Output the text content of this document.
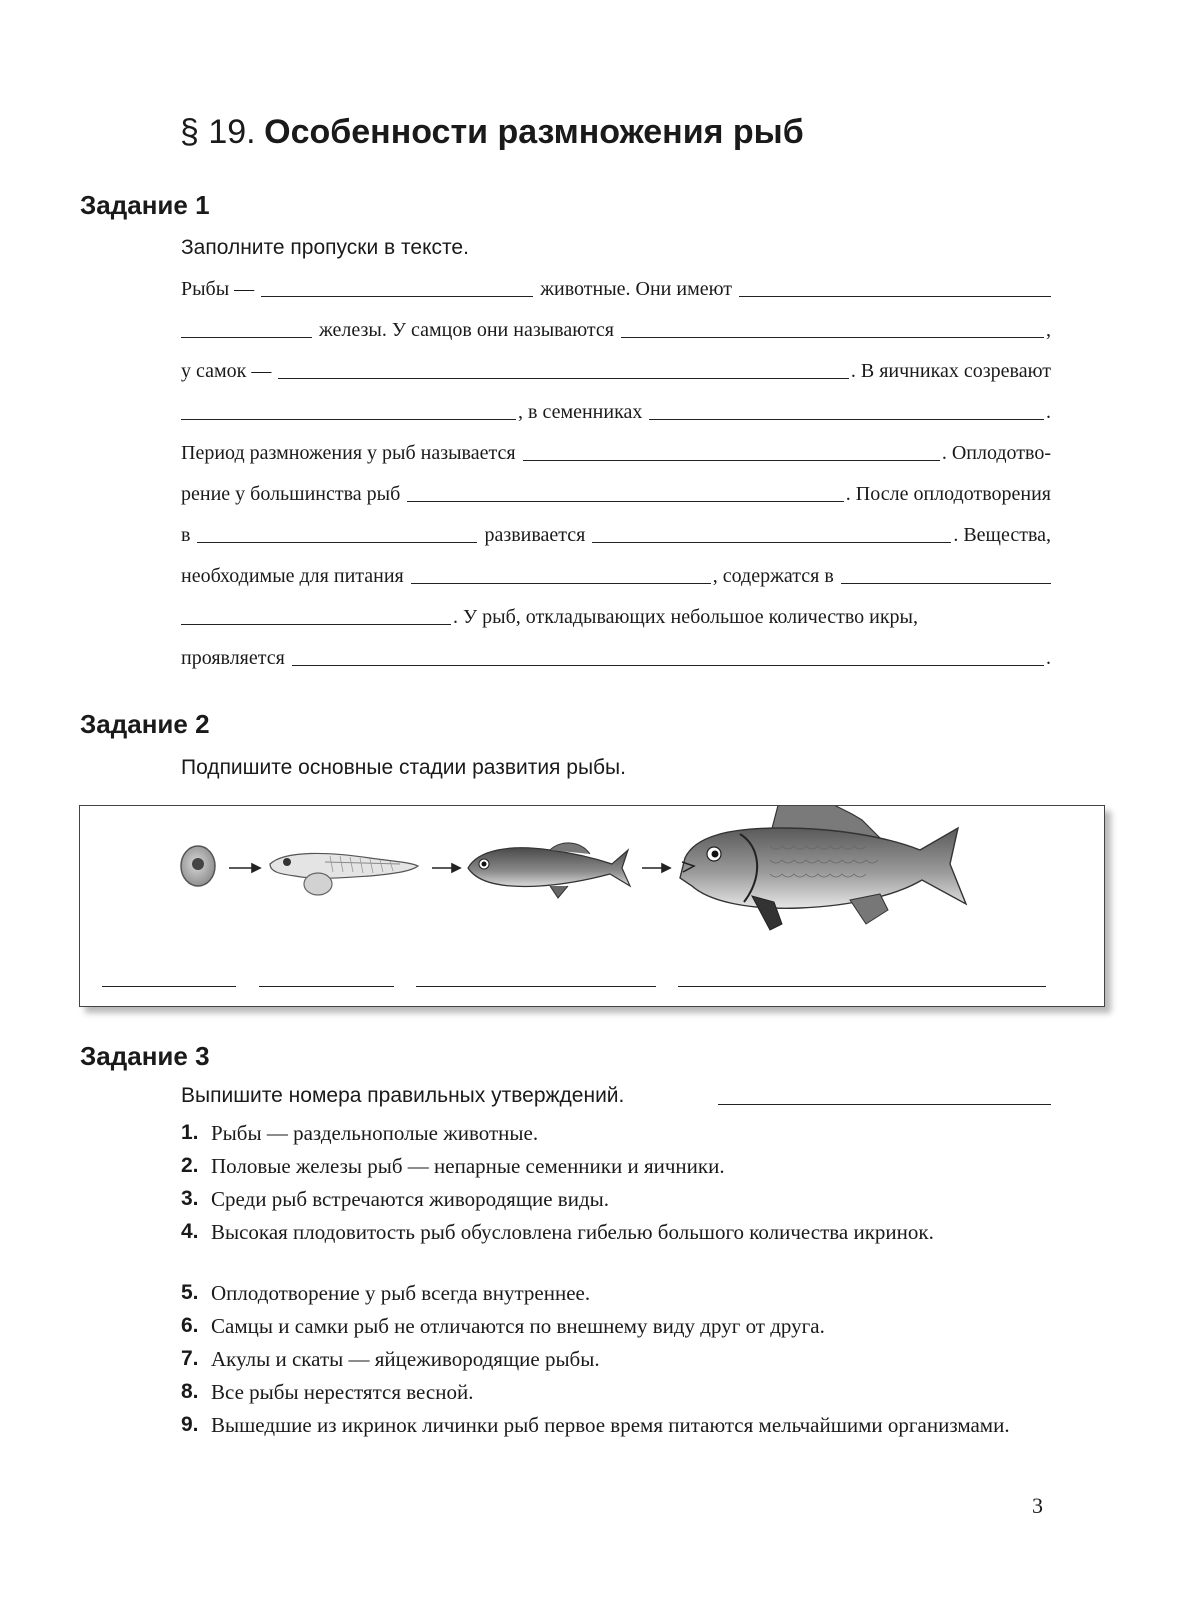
§ 19. Особенности размножения рыб
Задание 1
Заполните пропуски в тексте.
Рыбы —	животные. Они имеют
железы. У самцов они называются	,
у самок —	. В яичниках созревают
, в семенниках	.
Период размножения у рыб называется	. Оплодотво-
рение у большинства рыб	. После оплодотворения
в	развивается	. Вещества,
необходимые для питания	, содержатся в
. У рыб, откладывающих небольшое количество икры,
проявляется	.
Задание 2
Подпишите основные стадии развития рыбы.
Задание 3
Выпишите номера правильных утверждений.
1. Рыбы — раздельнополые животные.
2. Половые железы рыб — непарные семенники и яичники.
3. Среди рыб встречаются живородящие виды.
4. Высокая плодовитость рыб обусловлена гибелью большого количества икринок.
5. Оплодотворение у рыб всегда внутреннее.
6. Самцы и самки рыб не отличаются по внешнему виду друг от друга.
7. Акулы и скаты — яйцеживородящие рыбы.
8. Все рыбы нерестятся весной.
9. Вышедшие из икринок личинки рыб первое время питаются мельчайшими организмами.
3
